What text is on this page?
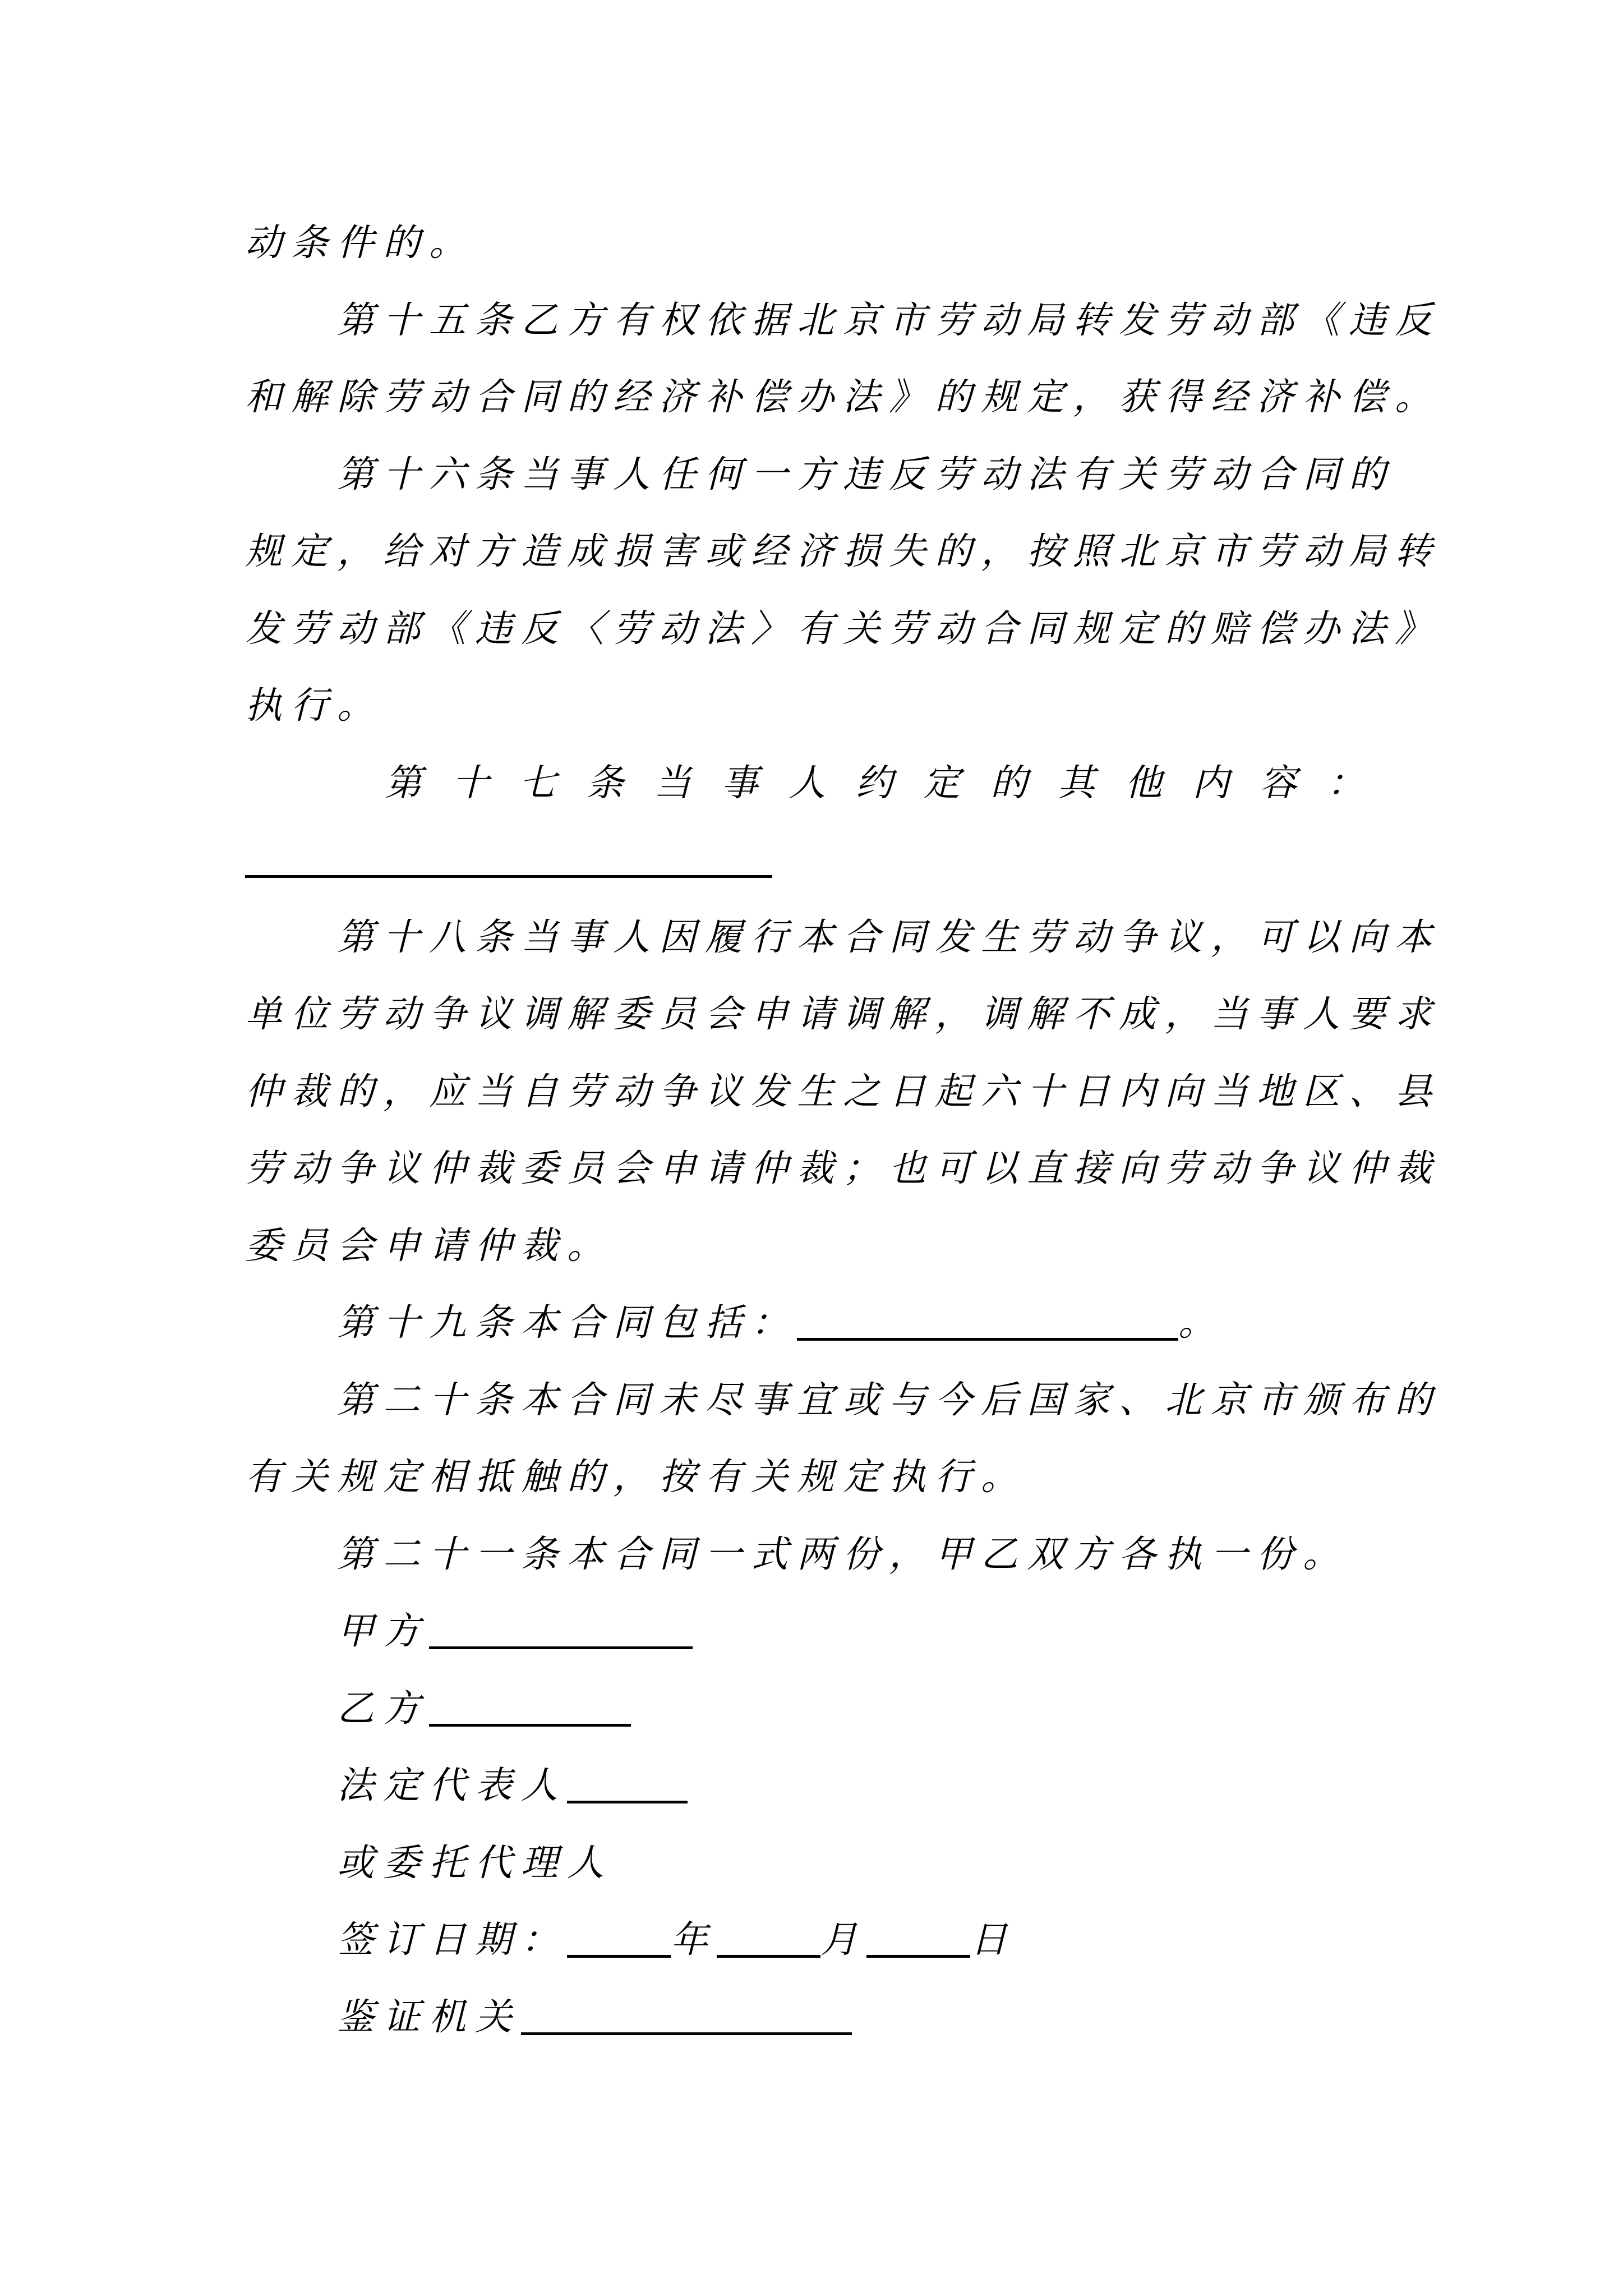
动条件的。
第十五条乙方有权依据北京市劳动局转发劳动部《违反
和解除劳动合同的经济补偿办法》的规定，获得经济补偿。
第十六条当事人任何一方违反劳动法有关劳动合同的
规定，给对方造成损害或经济损失的，按照北京市劳动局转
发劳动部《违反〈劳动法〉有关劳动合同规定的赔偿办法》
执行。
第十七条当事人约定的其他内容：
第十八条当事人因履行本合同发生劳动争议，可以向本
单位劳动争议调解委员会申请调解，调解不成，当事人要求
仲裁的，应当自劳动争议发生之日起六十日内向当地区、县
劳动争议仲裁委员会申请仲裁；也可以直接向劳动争议仲裁
委员会申请仲裁。
第十九条本合同包括：	。
第二十条本合同未尽事宜或与今后国家、北京市颁布的
有关规定相抵触的，按有关规定执行。
第二十一条本合同一式两份，甲乙双方各执一份。
甲方
乙方
法定代表人
或委托代理人
签订日期：	年	月	日
鉴证机关
